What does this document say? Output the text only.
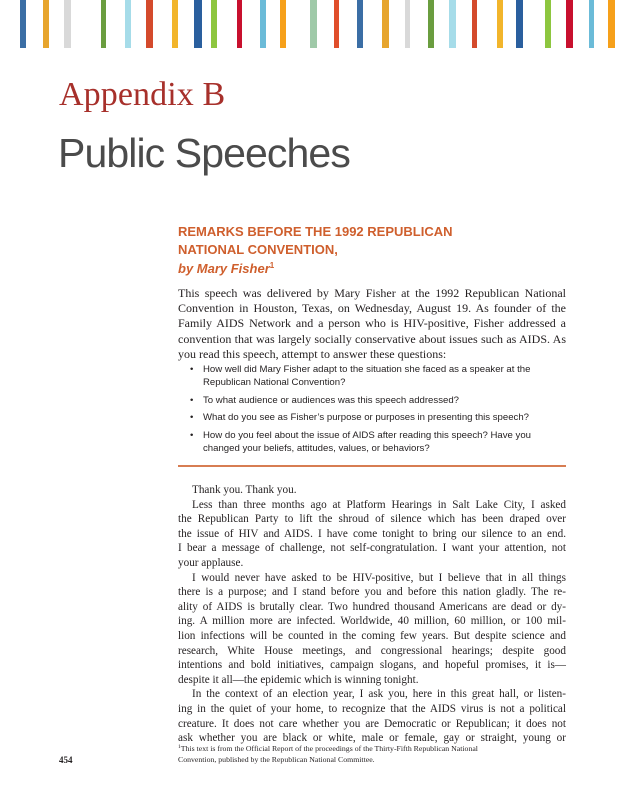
Appendix B
Public Speeches
REMARKS BEFORE THE 1992 REPUBLICAN
NATIONAL CONVENTION,

by Mary Fisher$^1$

This speech was delivered by Mary Fisher at the 1992 Republican National
Convention in Houston, Texas, on Wednesday, August 19. As founder of the
Family AIDS Network and a person who is HIV-positive, Fisher addressed a
convention that was largely socially conservative about issues such as AIDS. As
you read this speech, attempt to answer these questions:

• How well did Mary Fisher adapt to the situation she faced as a speaker at the
Republican National Convention?
• To what audience or audiences was this speech addressed?
• What do you see as Fisher’s purpose or purposes in presenting this speech?
• How do you feel about the issue of AIDS after reading this speech? Have you
changed your beliefs, attitudes, values, or behaviors?
Thank you. Thank you.
Less than three months ago at Platform Hearings in Salt Lake City, I asked
the Republican Party to lift the shroud of silence which has been draped over
the issue of HIV and AIDS. I have come tonight to bring our silence to an end.
I bear a message of challenge, not self-congratulation. I want your attention, not
your applause.
I would never have asked to be HIV-positive, but I believe that in all things
there is a purpose; and I stand before you and before this nation gladly. The re-
ality of AIDS is brutally clear. Two hundred thousand Americans are dead or dy-
ing. A million more are infected. Worldwide, 40 million, 60 million, or 100 mil-
lion infections will be counted in the coming few years. But despite science and
research, White House meetings, and congressional hearings; despite good
intentions and bold initiatives, campaign slogans, and hopeful promises, it is—
despite it all—the epidemic which is winning tonight.
In the context of an election year, I ask you, here in this great hall, or listen-
ing in the quiet of your home, to recognize that the AIDS virus is not a political
creature. It does not care whether you are Democratic or Republican; it does not
ask whether you are black or white, male or female, gay or straight, young or

$^1$This text is from the Official Report of the proceedings of the Thirty-Fifth Republican National
Convention, published by the Republican National Committee.

454
